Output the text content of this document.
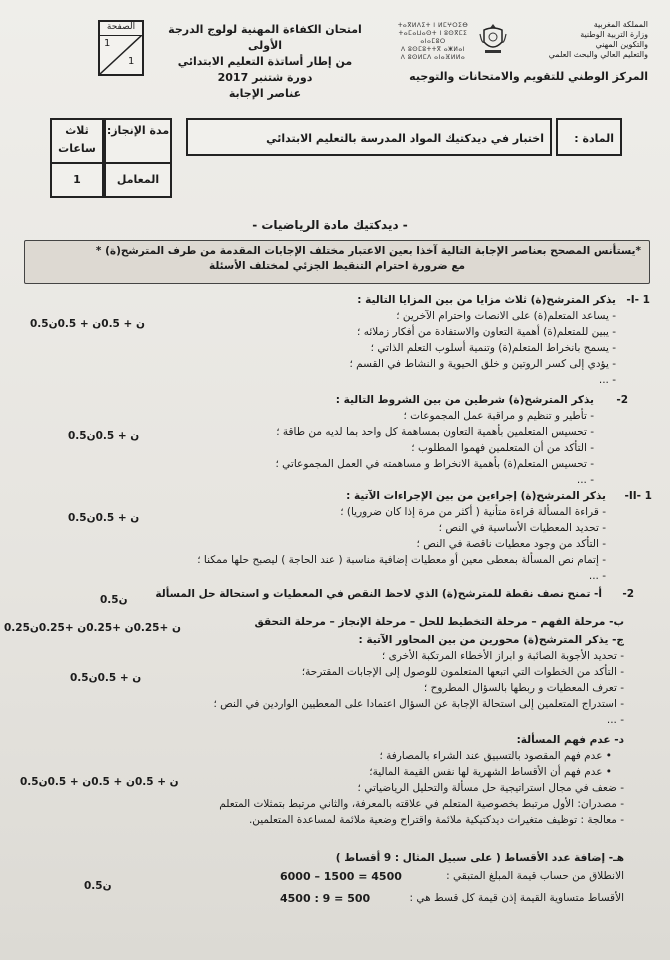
الصفحة
1
1
امتحان الكفاءة المهنية لولوج الدرجة الأولى
من إطار أساتذة التعليم الابتدائي
دورة شتنبر 2017
عناصر الإجابة
ⵜⴰⴳⵍⴷⵉⵜ ⵏ ⵍⵎⵖⵔⵉⴱ
ⵜⴰⵎⴰⵡⴰⵙⵜ ⵏ ⵓⵙⴳⵎⵉ ⴰⵏⴰⵎⵓⵔ
ⴷ ⵓⵙⵎⵓⵜⵜⴳ ⴰⵥⵍⴰⵏ
ⴷ ⵓⵙⵍⵎⴷ ⴰⵏⴰⴼⵍⵍⴰ
المملكة المغربية
وزارة التربية الوطنية
والتكوين المهني
والتعليم العالي والبحث العلمي
المركز الوطني للتقويم والامتحانات والتوجيه
ثلاث ساعات
مدة الإنجاز:
1	المعامل
اختبار في ديدكتيك المواد المدرسة بالتعليم الابتدائي	المادة :
- ديدكتيك مادة الرياضيات -
*يستأنس المصحح بعناصر الإجابة التالية آخذا بعين الاعتبار مختلف الإجابات المقدمة من طرف المترشح(ة) *
مع ضرورة احترام التنقيط الجزئي لمختلف الأسئلة
I- 1-
يذكر المترشح(ة) ثلاث مزايا من بين المزايا التالية :
- يساعد المتعلم(ة) على الانصات واحترام الآخرين ؛
- يبين للمتعلم(ة) أهمية التعاون والاستفادة من أفكار زملائه ؛
- يسمح بانخراط المتعلم(ة) وتنمية أسلوب التعلم الذاتي ؛
- يؤدي إلى كسر الروتين و خلق الحيوية و النشاط في القسم ؛
- ...
0.5ن + 0.5ن + 0.5ن
2-
يذكر المترشح(ة) شرطين من بين الشروط التالية :
- تأطير و تنظيم و مراقبة عمل المجموعات ؛
- تحسيس المتعلمين بأهمية التعاون بمساهمة كل واحد بما لديه من طاقة ؛
- التأكد من أن المتعلمين فهموا المطلوب ؛
- تحسيس المتعلم(ة) بأهمية الانخراط و مساهمته في العمل المجموعاتي ؛
- ...
0.5ن + 0.5ن
II- 1-
يذكر المترشح(ة) إجراءين من بين الإجراءات الآتية :
- قراءة المسألة قراءة متأنية ( أكثر من مرة إذا كان ضروريا) ؛
- تحديد المعطيات الأساسية في النص ؛
- التأكد من وجود معطيات ناقصة في النص ؛
- إتمام نص المسألة بمعطى معين أو معطيات إضافية مناسبة ( عند الحاجة ) ليصبح حلها ممكنا ؛
- ...
0.5ن + 0.5ن
2-
أ- تمنح نصف نقطة للمترشح(ة) الذي لاحظ النقص في المعطيات و استحالة حل المسألة
0.5ن
ب- مرحلة الفهم – مرحلة التخطيط للحل – مرحلة الإنجاز – مرحلة التحقق
0.25ن +0.25ن +0.25ن +0.25ن
ج- يذكر المترشح(ة) محورين من بين المحاور الآتية :
- تحديد الأجوبة الصائبة و ابراز الأخطاء المرتكبة الأخرى ؛
- التأكد من الخطوات التي اتبعها المتعلمون للوصول إلى الإجابات المقترحة؛
- تعرف المعطيات و ربطها بالسؤال المطروح ؛
- استدراج المتعلمين إلى استحالة الإجابة عن السؤال اعتمادا على المعطيين الواردين في النص ؛
- ...
0.5ن + 0.5ن
د- عدم فهم المسألة:
• عدم فهم المقصود بالتسبيق عند الشراء بالمصارفة ؛
• عدم فهم أن الأقساط الشهرية لها نفس القيمة المالية؛
- ضعف في مجال استراتيجية حل مسألة والتحليل الرياضياتي ؛
- مصدران: الأول مرتبط بخصوصية المتعلم في علاقته بالمعرفة، والثاني مرتبط بتمثلات المتعلم
- معالجة : توظيف متغيرات ديدكتيكية ملائمة واقتراح وضعية ملائمة لمساعدة المتعلمين.
0.5ن + 0.5ن + 0.5ن + 0.5ن
هـ- إضافة عدد الأقساط ( على سبيل المثال : 9 أقساط )
الانطلاق من حساب قيمة المبلغ المتبقي :
6000 – 1500 = 4500
الأقساط متساوية القيمة إذن قيمة كل قسط هي :
4500 : 9 = 500
0.5ن
